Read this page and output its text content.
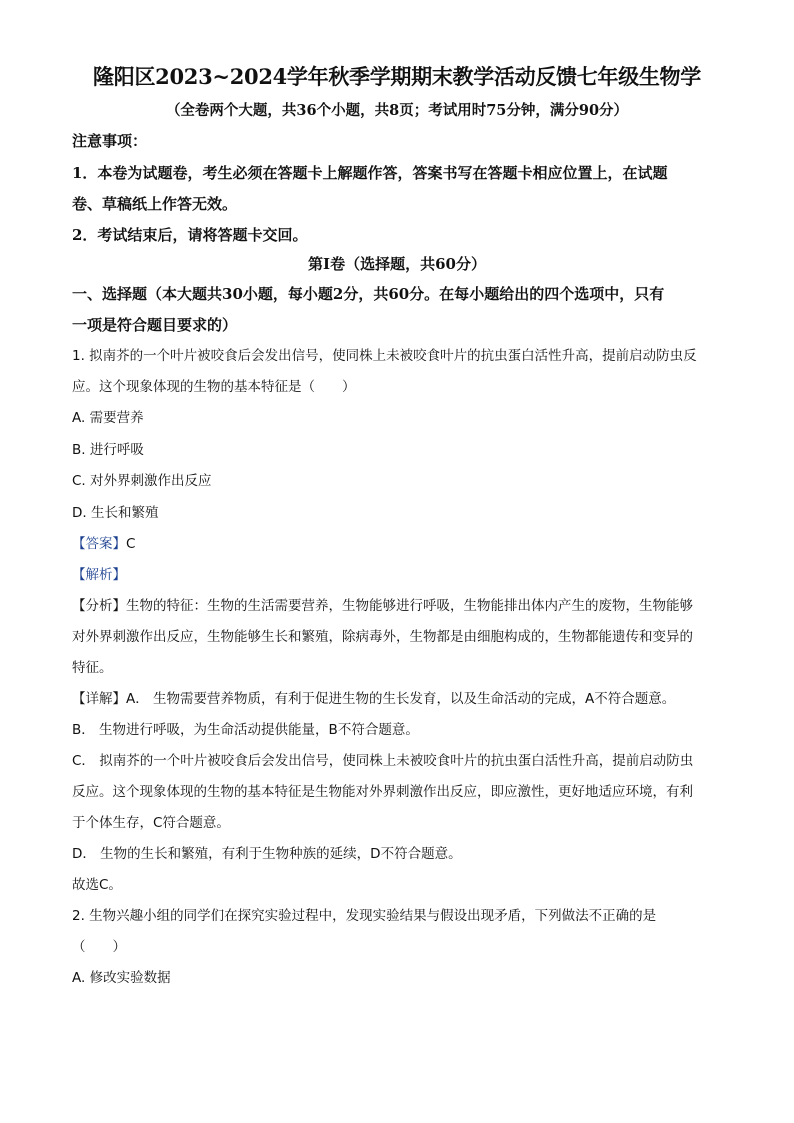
隆阳区2023~2024学年秋季学期期末教学活动反馈七年级生物学

（全卷两个大题，共36个小题，共8页；考试用时75分钟，满分90分）

注意事项：

1．本卷为试题卷，考生必须在答题卡上解题作答，答案书写在答题卡相应位置上，在试题

卷、草稿纸上作答无效。

2．考试结束后，请将答题卡交回。

第Ⅰ卷（选择题，共60分）

一、选择题（本大题共30小题，每小题2分，共60分。在每小题给出的四个选项中，只有

一项是符合题目要求的）

1. 拟南芥的一个叶片被咬食后会发出信号，使同株上未被咬食叶片的抗虫蛋白活性升高，提前启动防虫反

应。这个现象体现的生物的基本特征是（　　）

A. 需要营养

B. 进行呼吸

C. 对外界刺激作出反应

D. 生长和繁殖

【答案】C

【解析】

【分析】生物的特征：生物的生活需要营养，生物能够进行呼吸，生物能排出体内产生的废物，生物能够

对外界刺激作出反应，生物能够生长和繁殖，除病毒外，生物都是由细胞构成的，生物都能遗传和变异的

特征。

【详解】A． 生物需要营养物质，有利于促进生物的生长发育，以及生命活动的完成，A不符合题意。

B． 生物进行呼吸，为生命活动提供能量，B不符合题意。

C． 拟南芥的一个叶片被咬食后会发出信号，使同株上未被咬食叶片的抗虫蛋白活性升高，提前启动防虫

反应。这个现象体现的生物的基本特征是生物能对外界刺激作出反应，即应激性，更好地适应环境，有利

于个体生存，C符合题意。

D． 生物的生长和繁殖，有利于生物种族的延续，D不符合题意。

故选C。

2. 生物兴趣小组的同学们在探究实验过程中，发现实验结果与假设出现矛盾，下列做法不正确的是

（　　）

A. 修改实验数据
